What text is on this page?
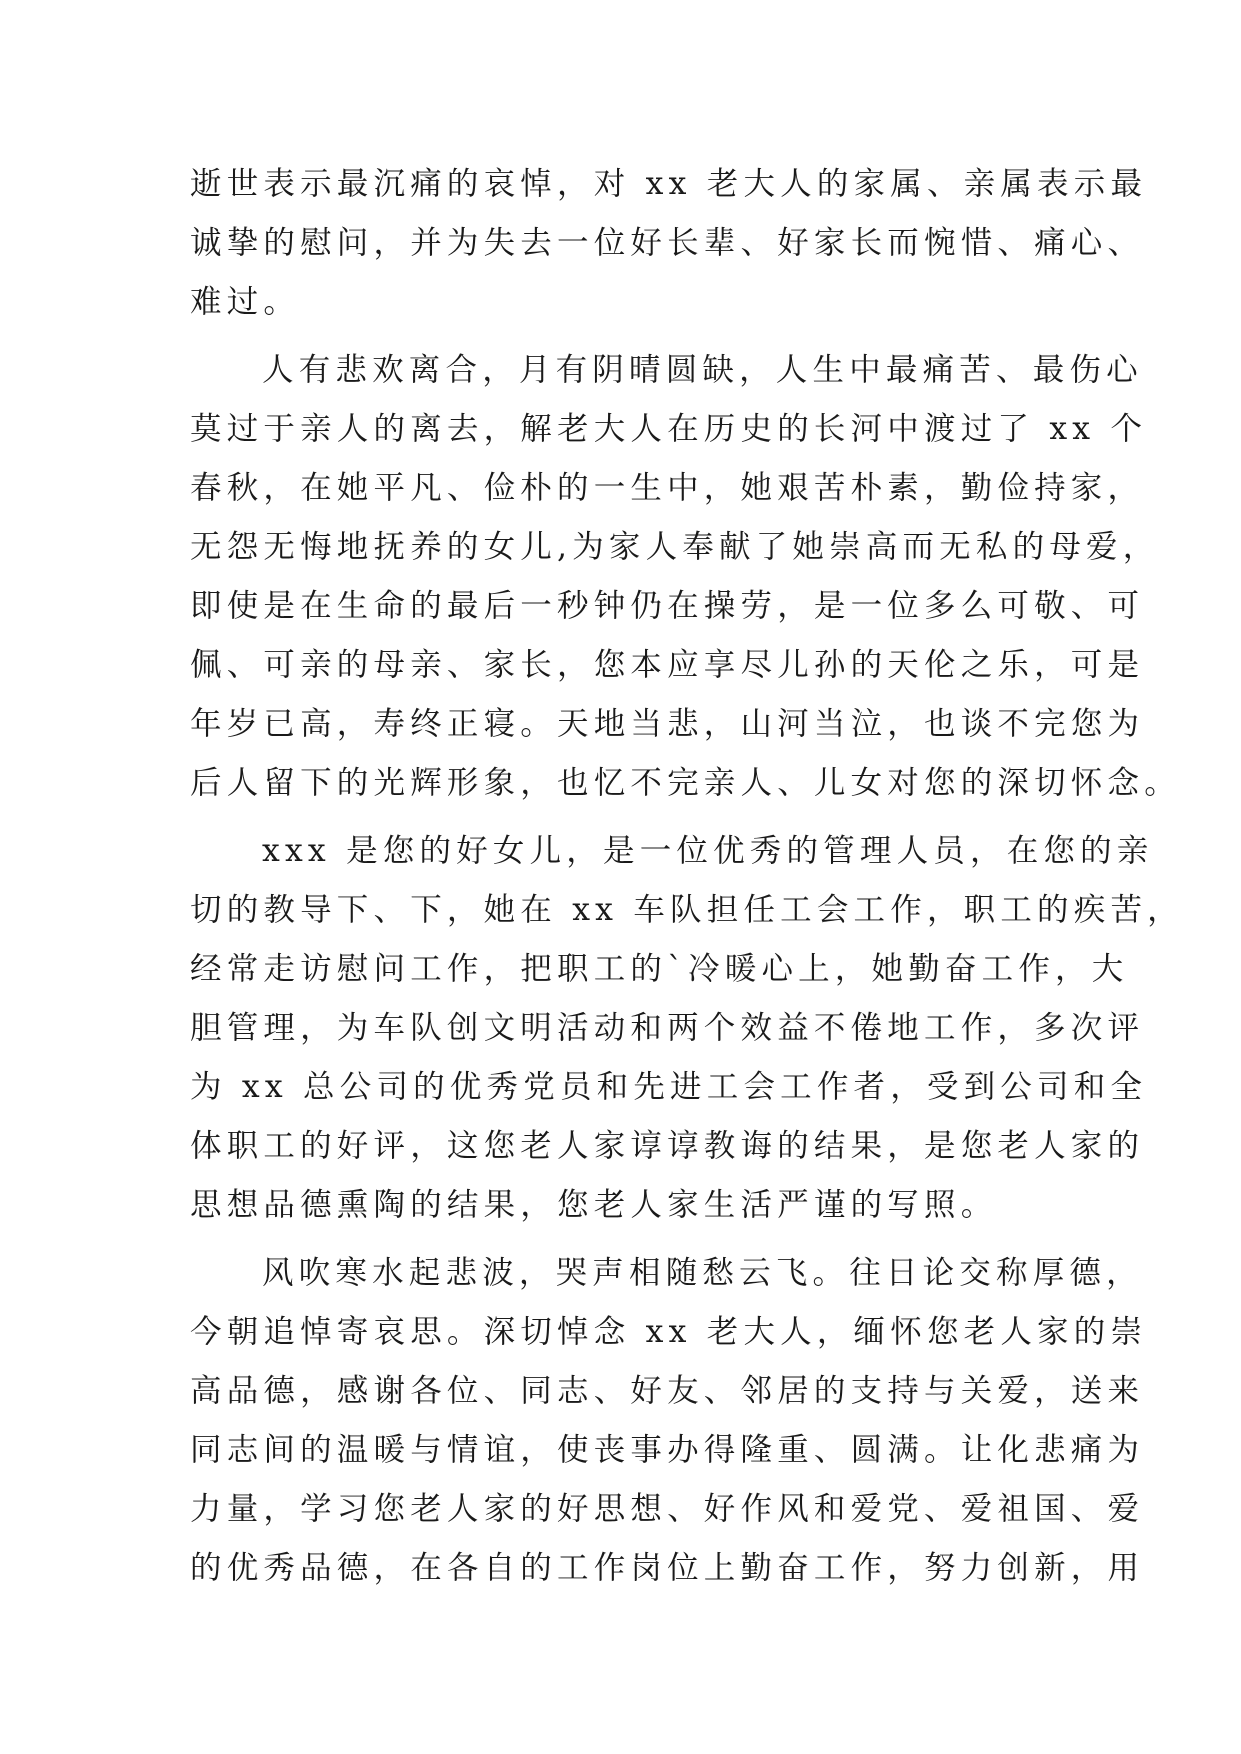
逝世表示最沉痛的哀悼，对 xx 老大人的家属、亲属表示最
诚挚的慰问，并为失去一位好长辈、好家长而惋惜、痛心、
难过。
人有悲欢离合，月有阴晴圆缺，人生中最痛苦、最伤心
莫过于亲人的离去，解老大人在历史的长河中渡过了 xx 个
春秋，在她平凡、俭朴的一生中，她艰苦朴素，勤俭持家，
无怨无悔地抚养的女儿,为家人奉献了她崇高而无私的母爱，
即使是在生命的最后一秒钟仍在操劳，是一位多么可敬、可
佩、可亲的母亲、家长，您本应享尽儿孙的天伦之乐，可是
年岁已高，寿终正寝。天地当悲，山河当泣，也谈不完您为
后人留下的光辉形象，也忆不完亲人、儿女对您的深切怀念。
xxx 是您的好女儿，是一位优秀的管理人员，在您的亲
切的教导下、下，她在 xx 车队担任工会工作，职工的疾苦，
经常走访慰问工作，把职工的`冷暖心上，她勤奋工作，大
胆管理，为车队创文明活动和两个效益不倦地工作，多次评
为 xx 总公司的优秀党员和先进工会工作者，受到公司和全
体职工的好评，这您老人家谆谆教诲的结果，是您老人家的
思想品德熏陶的结果，您老人家生活严谨的写照。
风吹寒水起悲波，哭声相随愁云飞。往日论交称厚德，
今朝追悼寄哀思。深切悼念 xx 老大人，缅怀您老人家的崇
高品德，感谢各位、同志、好友、邻居的支持与关爱，送来
同志间的温暖与情谊，使丧事办得隆重、圆满。让化悲痛为
力量，学习您老人家的好思想、好作风和爱党、爱祖国、爱
的优秀品德，在各自的工作岗位上勤奋工作，努力创新，用
